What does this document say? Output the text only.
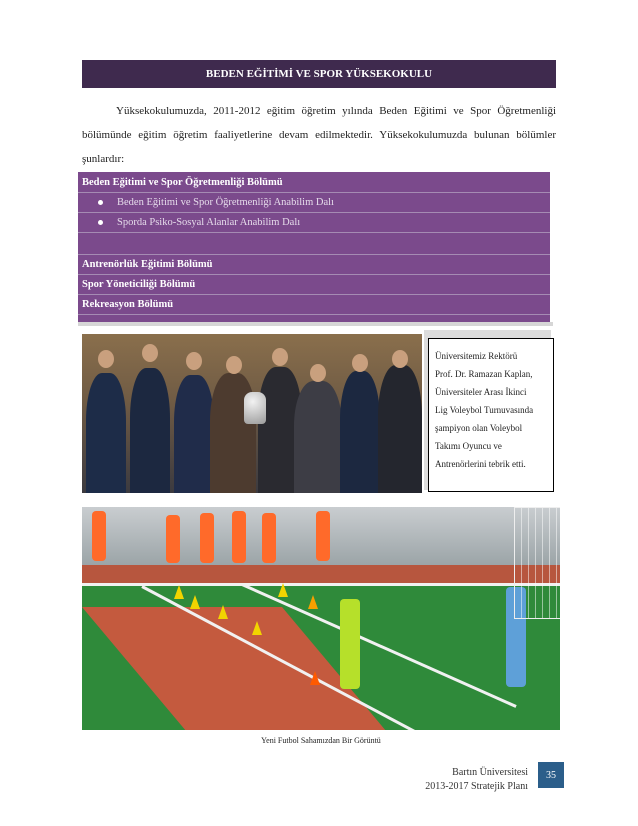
BEDEN EĞİTİMİ VE SPOR YÜKSEKOKULU
Yüksekokulumuzda, 2011-2012 eğitim öğretim yılında Beden Eğitimi ve Spor Öğretmenliği bölümünde eğitim öğretim faaliyetlerine devam edilmektedir. Yüksekokulumuzda bulunan bölümler şunlardır:
Beden Eğitimi ve Spor Öğretmenliği Bölümü
Beden Eğitimi ve Spor Öğretmenliği Anabilim Dalı
Sporda Psiko-Sosyal Alanlar Anabilim Dalı
Antrenörlük Eğitimi Bölümü
Spor Yöneticiliği Bölümü
Rekreasyon Bölümü
Üniversitemiz Rektörü
Prof. Dr. Ramazan Kaplan,
Üniversiteler Arası İkinci
Lig Voleybol Turnuvasında
şampiyon olan Voleybol
Takımı Oyuncu ve
Antrenörlerini tebrik etti.
Yeni Futbol Sahamızdan Bir Görüntü
Bartın Üniversitesi
2013-2017 Stratejik Planı
35
